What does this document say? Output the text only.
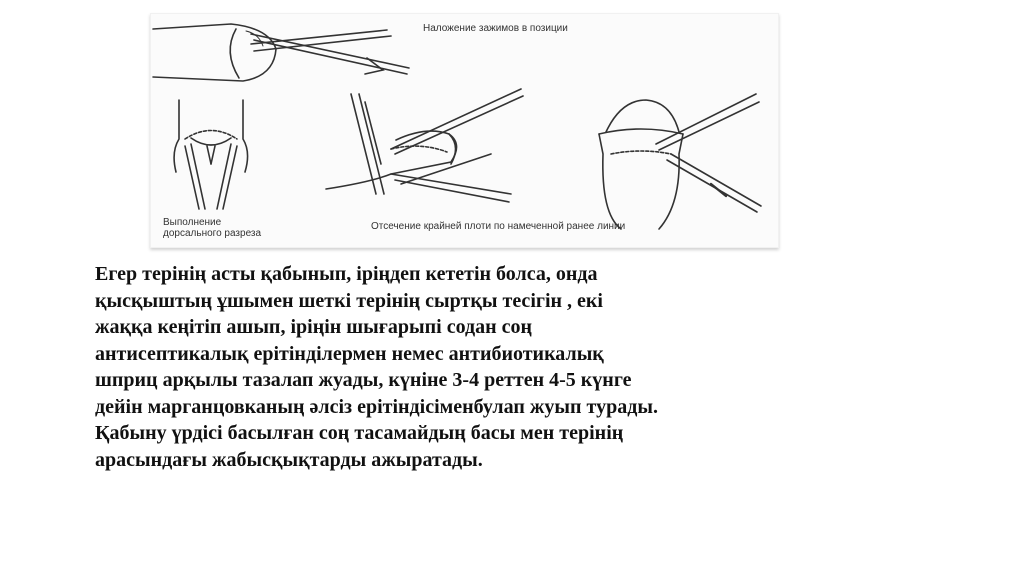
Наложение зажимов в позиции
Выполнение
дорсального разреза
Отсечение крайней плоти по намеченной ранее линии

Егер терінің асты қабынып, іріңдеп кететін болса, онда
қысқыштың ұшымен шеткі терінің сыртқы тесігін , екі
жаққа кеңітіп ашып, іріңін шығарыпі содан соң
антисептикалық ерітінділермен немес антибиотикалық
шприц арқылы тазалап жуады, күніне 3-4 реттен 4-5 күнге
дейін марганцовканың әлсіз ерітіндісіменбулап жуып турады.
Қабыну үрдісі басылған соң тасамайдың басы мен терінің
арасындағы жабысқықтарды ажыратады.
